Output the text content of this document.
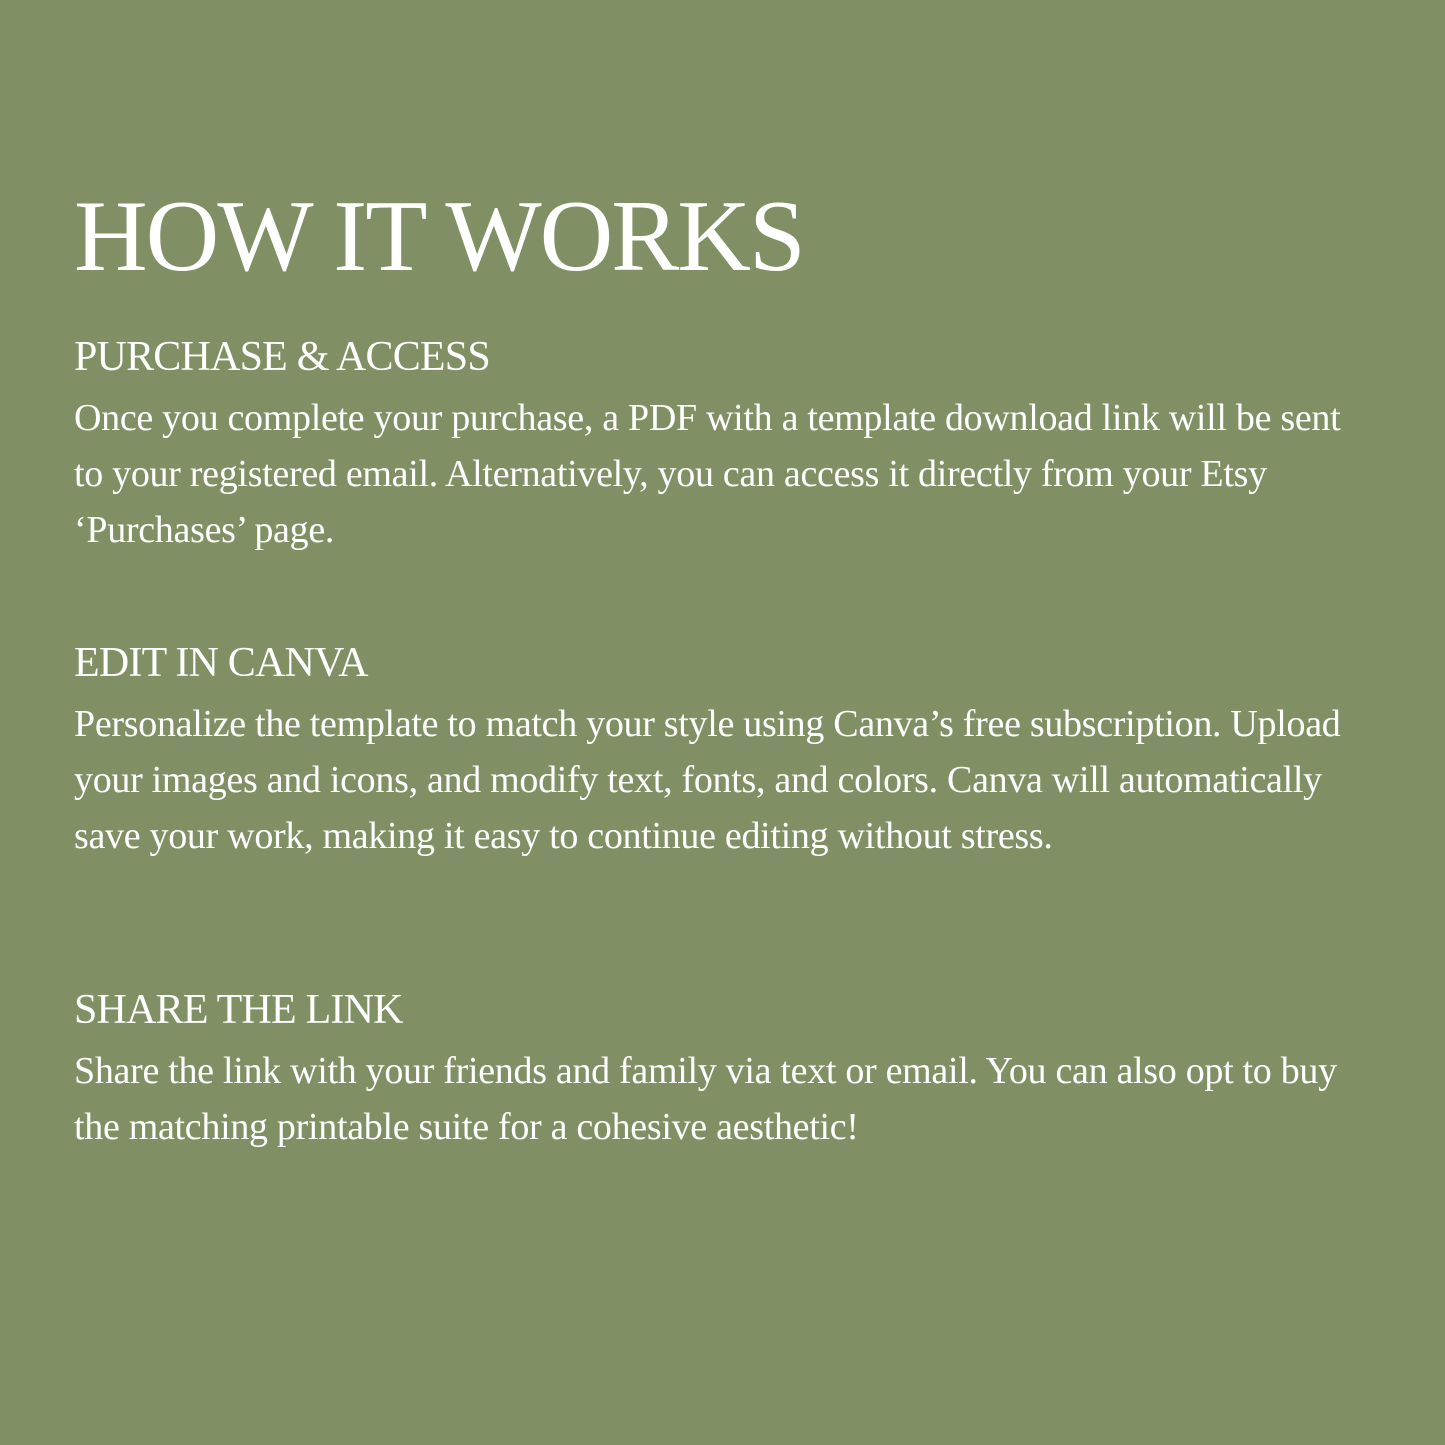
HOW IT WORKS
PURCHASE & ACCESS

Once you complete your purchase, a PDF with a template download link will be sent to your registered email. Alternatively, you can access it directly from your Etsy ‘Purchases’ page.

EDIT IN CANVA

Personalize the template to match your style using Canva’s free subscription. Upload your images and icons, and modify text, fonts, and colors. Canva will automatically save your work, making it easy to continue editing without stress.

SHARE THE LINK

Share the link with your friends and family via text or email. You can also opt to buy the matching printable suite for a cohesive aesthetic!
